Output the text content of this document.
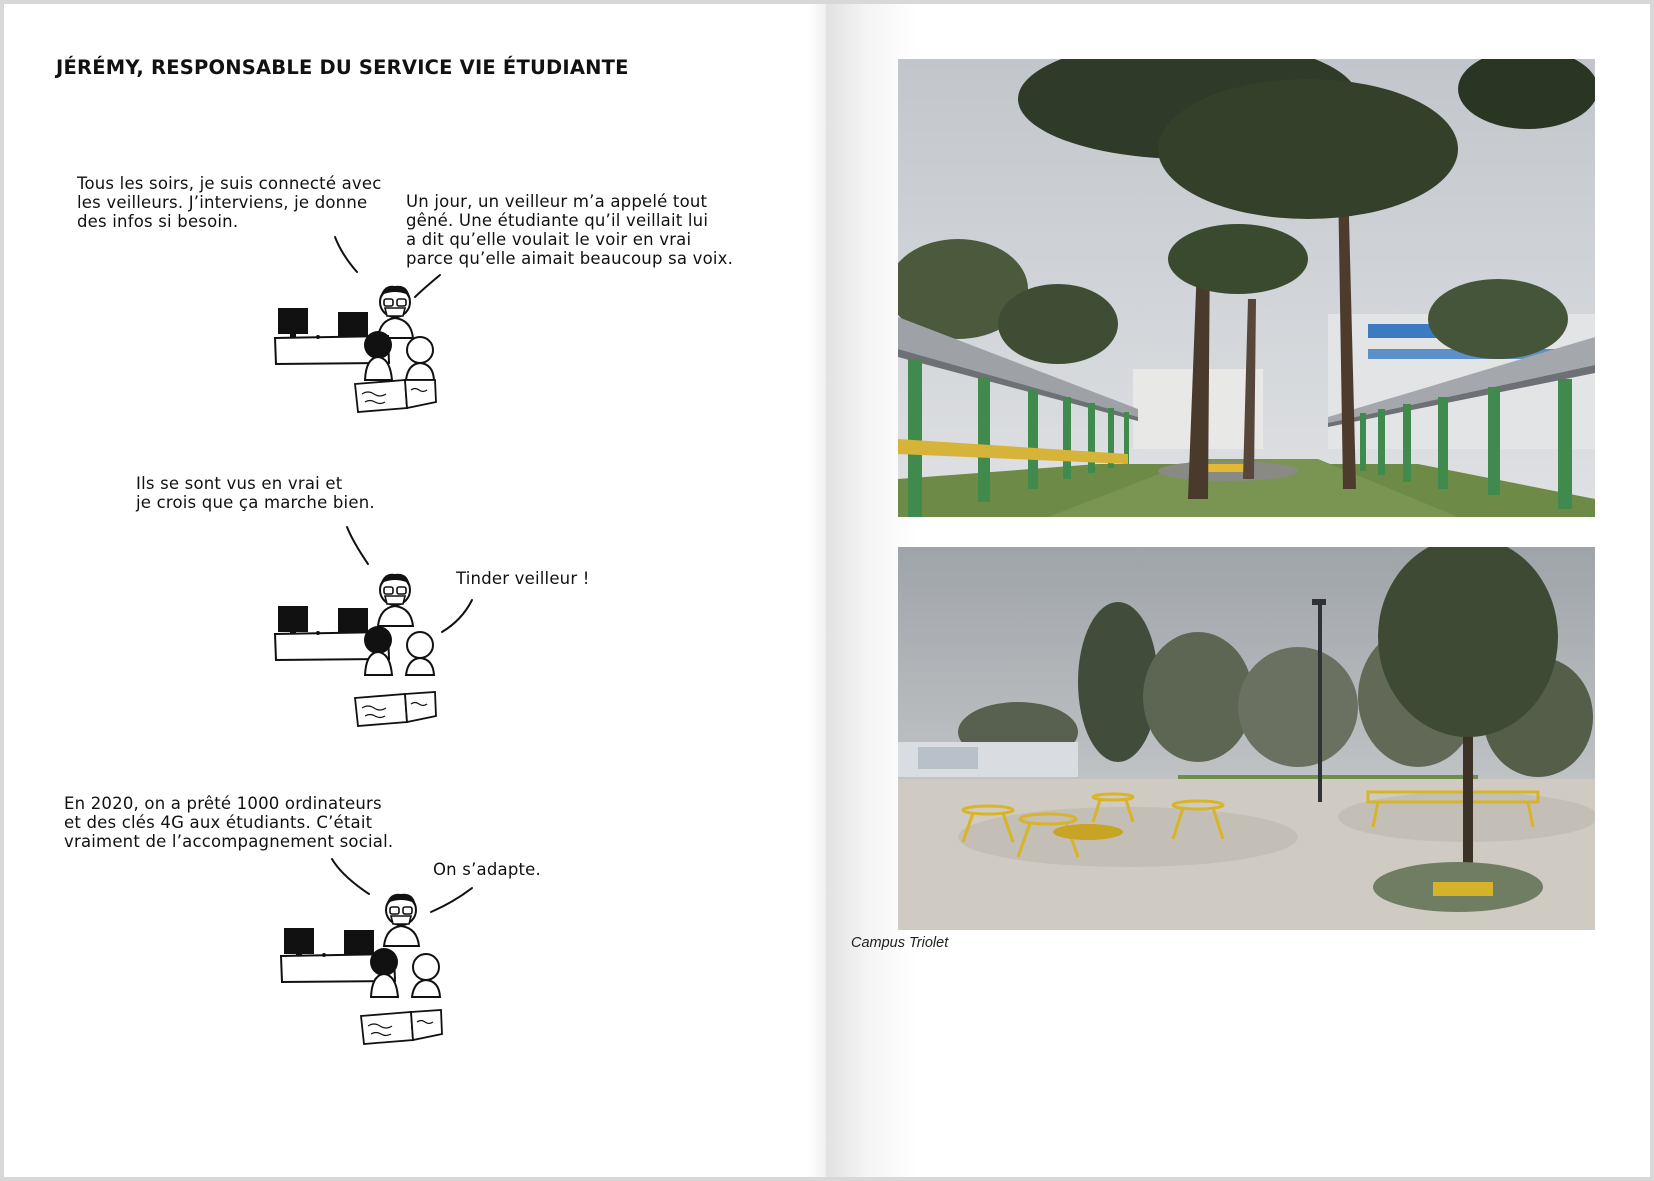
JÉRÉMY, RESPONSABLE DU SERVICE VIE ÉTUDIANTE
Tous les soirs, je suis connecté avec
les veilleurs. J’interviens, je donne
des infos si besoin.
Un jour, un veilleur m’a appelé tout
gêné. Une étudiante qu’il veillait lui
a dit qu’elle voulait le voir en vrai
parce qu’elle aimait beaucoup sa voix.
Ils se sont vus en vrai et
je crois que ça marche bien.
Tinder veilleur !
En 2020, on a prêté 1000 ordinateurs
et des clés 4G aux étudiants. C’était
vraiment de l’accompagnement social.
On s’adapte.
Campus Triolet
